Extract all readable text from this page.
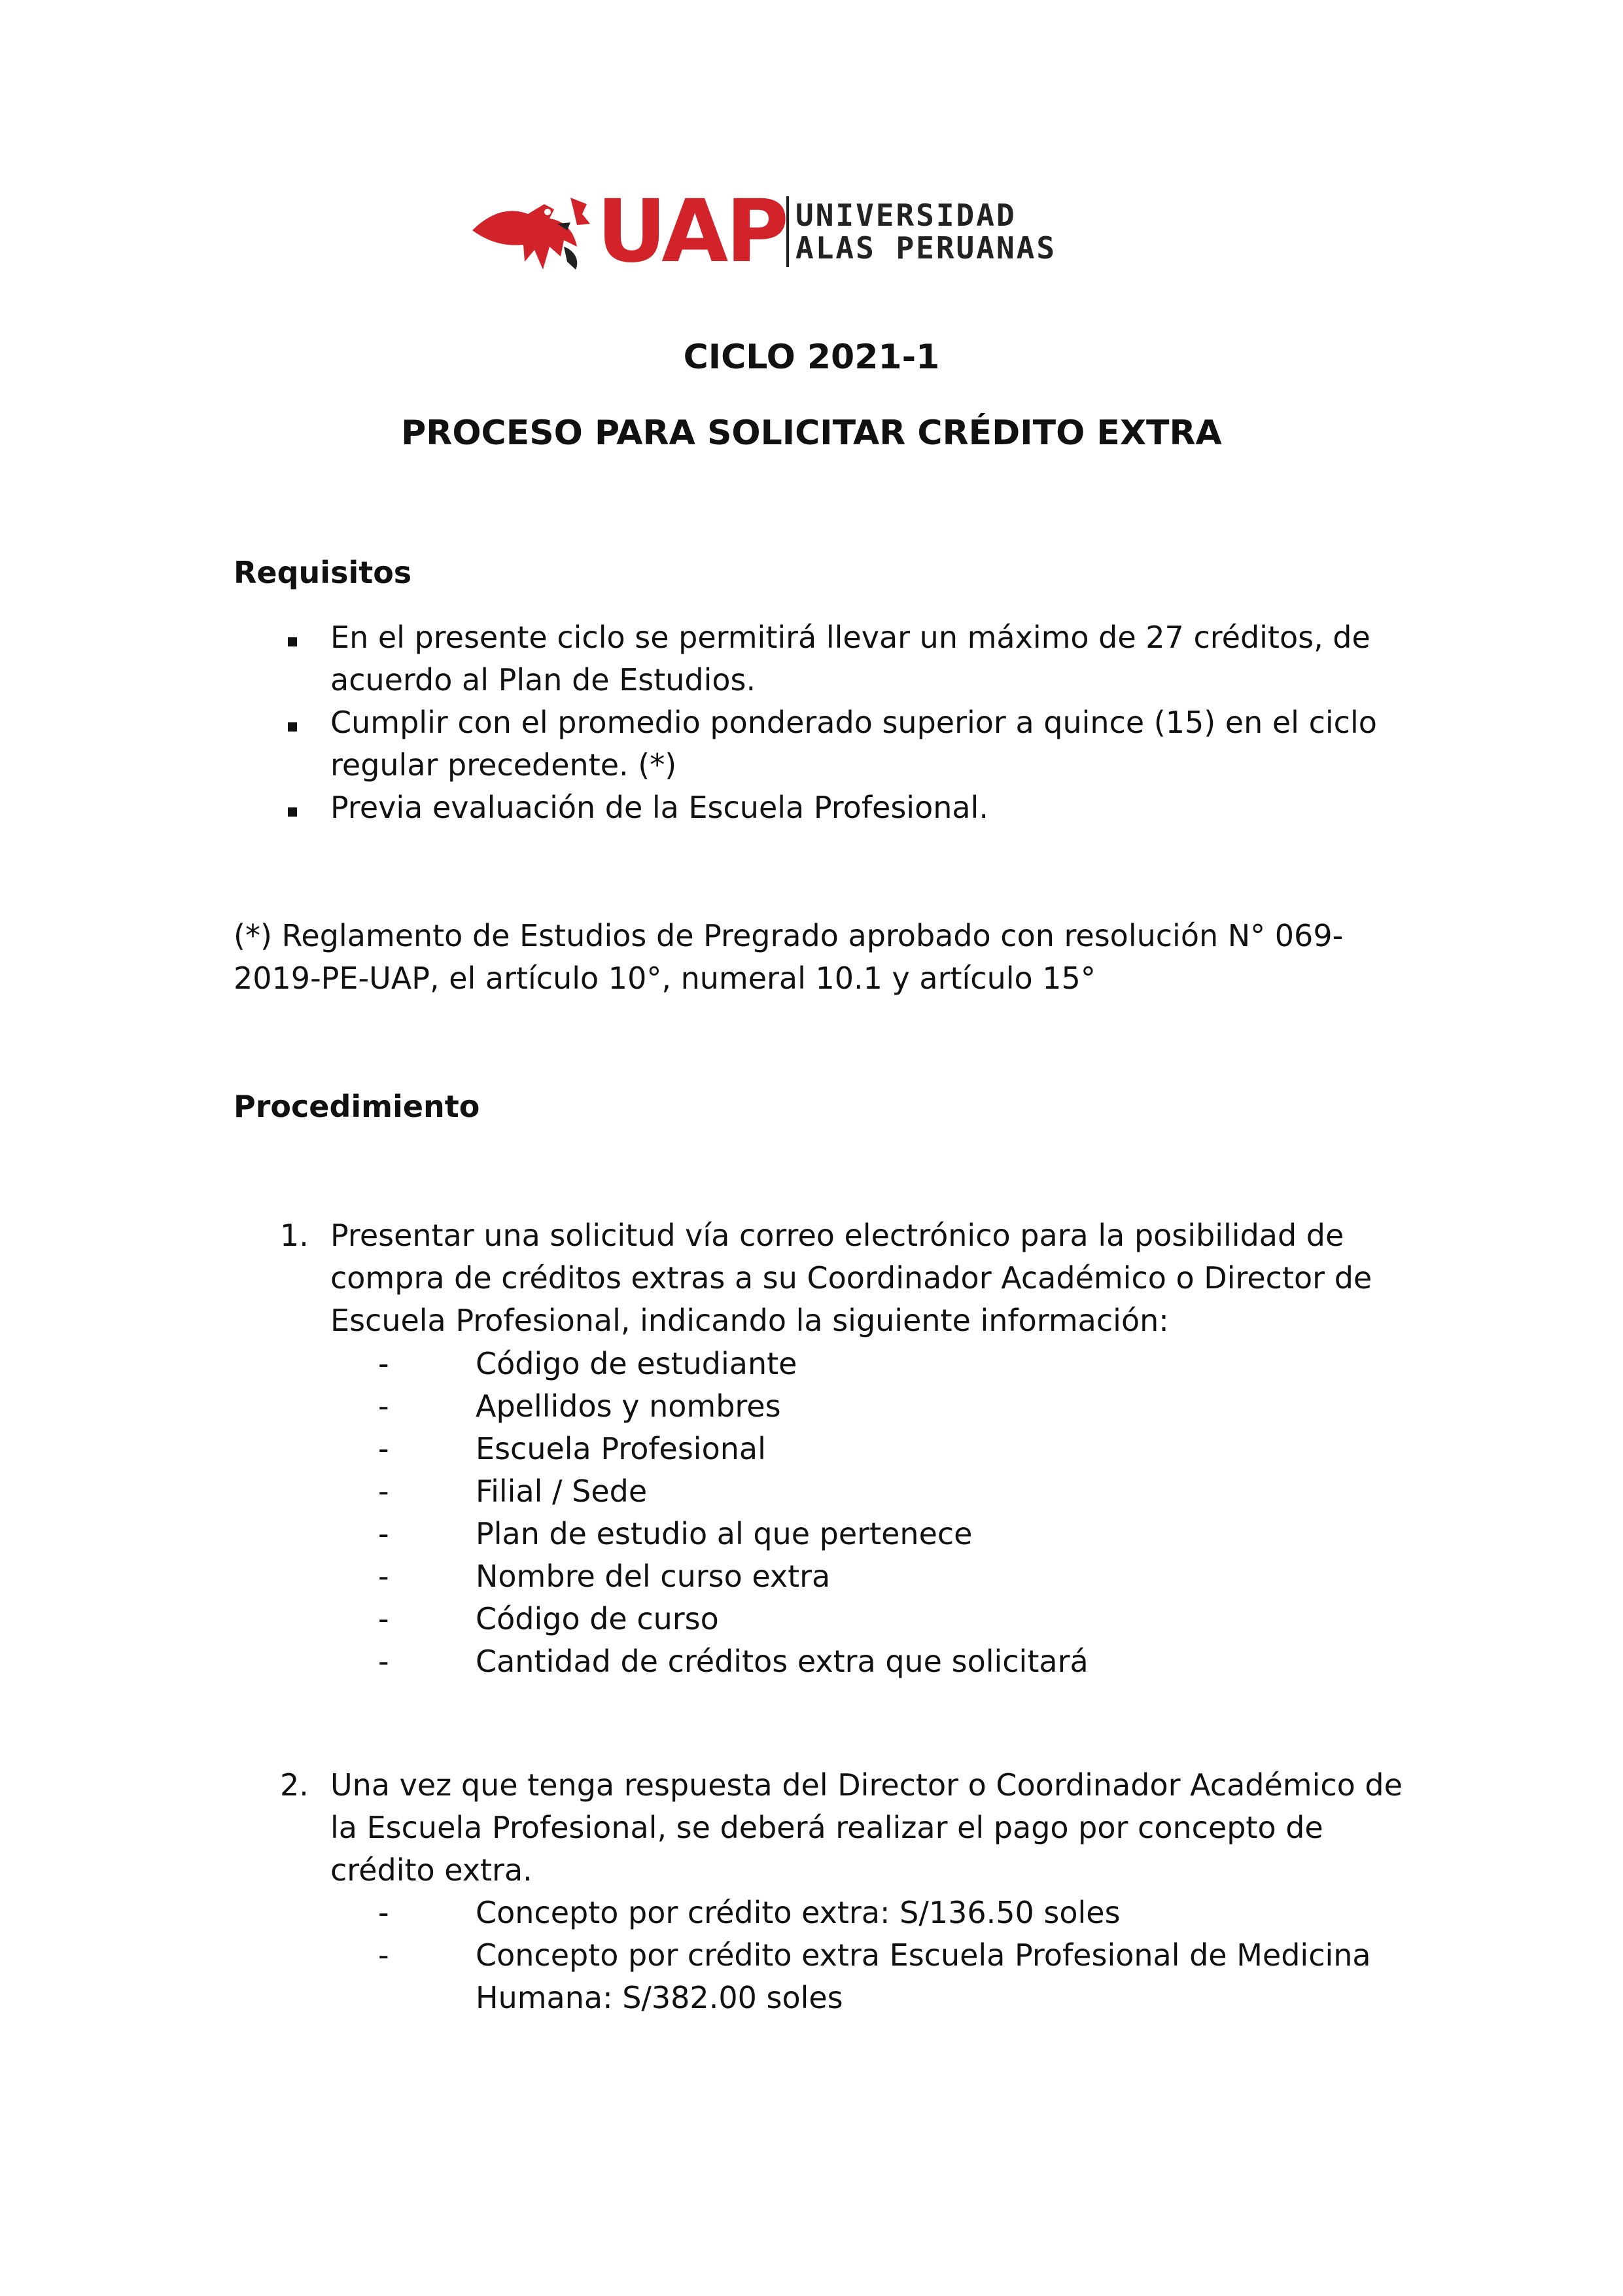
UAP UNIVERSIDAD
ALAS PERUANAS
CICLO 2021-1
PROCESO PARA SOLICITAR CRÉDITO EXTRA
Requisitos
En el presente ciclo se permitirá llevar un máximo de 27 créditos, de acuerdo al Plan de Estudios.
Cumplir con el promedio ponderado superior a quince (15) en el ciclo regular precedente. (*)
Previa evaluación de la Escuela Profesional.
(*) Reglamento de Estudios de Pregrado aprobado con resolución N° 069-2019-PE-UAP, el artículo 10°, numeral 10.1 y artículo 15°
Procedimiento
1. Presentar una solicitud vía correo electrónico para la posibilidad de compra de créditos extras a su Coordinador Académico o Director de Escuela Profesional, indicando la siguiente información:
-	Código de estudiante
-	Apellidos y nombres
-	Escuela Profesional
-	Filial / Sede
-	Plan de estudio al que pertenece
-	Nombre del curso extra
-	Código de curso
-	Cantidad de créditos extra que solicitará
2. Una vez que tenga respuesta del Director o Coordinador Académico de la Escuela Profesional, se deberá realizar el pago por concepto de crédito extra.
-	Concepto por crédito extra: S/136.50 soles
-	Concepto por crédito extra Escuela Profesional de Medicina Humana: S/382.00 soles
